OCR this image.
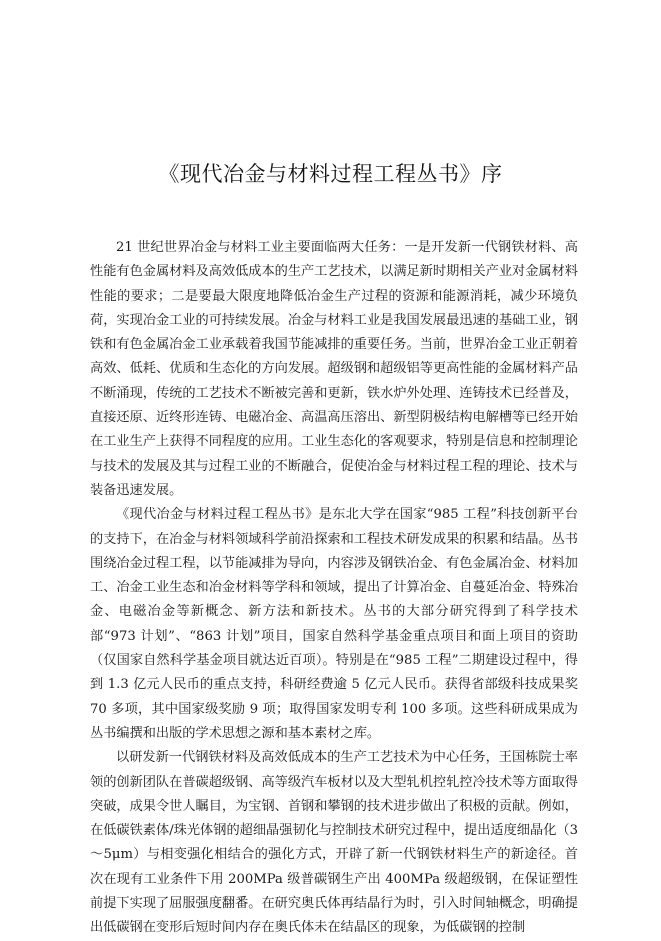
《现代冶金与材料过程工程丛书》序

21 世纪世界冶金与材料工业主要面临两大任务：一是开发新一代钢铁材料、高性能有色金属材料及高效低成本的生产工艺技术，以满足新时期相关产业对金属材料性能的要求；二是要最大限度地降低冶金生产过程的资源和能源消耗，减少环境负荷，实现冶金工业的可持续发展。冶金与材料工业是我国发展最迅速的基础工业，钢铁和有色金属冶金工业承载着我国节能减排的重要任务。当前，世界冶金工业正朝着高效、低耗、优质和生态化的方向发展。超级钢和超级铝等更高性能的金属材料产品不断涌现，传统的工艺技术不断被完善和更新，铁水炉外处理、连铸技术已经普及，直接还原、近终形连铸、电磁冶金、高温高压溶出、新型阴极结构电解槽等已经开始在工业生产上获得不同程度的应用。工业生态化的客观要求，特别是信息和控制理论与技术的发展及其与过程工业的不断融合，促使冶金与材料过程工程的理论、技术与装备迅速发展。

《现代冶金与材料过程工程丛书》是东北大学在国家“985 工程”科技创新平台的支持下，在冶金与材料领域科学前沿探索和工程技术研发成果的积累和结晶。丛书围绕冶金过程工程，以节能减排为导向，内容涉及钢铁冶金、有色金属冶金、材料加工、冶金工业生态和冶金材料等学科和领域，提出了计算冶金、自蔓延冶金、特殊冶金、电磁冶金等新概念、新方法和新技术。丛书的大部分研究得到了科学技术部“973 计划”、“863 计划”项目，国家自然科学基金重点项目和面上项目的资助（仅国家自然科学基金项目就达近百项）。特别是在“985 工程”二期建设过程中，得到 1.3 亿元人民币的重点支持，科研经费逾 5 亿元人民币。获得省部级科技成果奖 70 多项，其中国家级奖励 9 项；取得国家发明专利 100 多项。这些科研成果成为丛书编撰和出版的学术思想之源和基本素材之库。

以研发新一代钢铁材料及高效低成本的生产工艺技术为中心任务，王国栋院士率领的创新团队在普碳超级钢、高等级汽车板材以及大型轧机控轧控冷技术等方面取得突破，成果令世人瞩目，为宝钢、首钢和攀钢的技术进步做出了积极的贡献。例如，在低碳铁素体/珠光体钢的超细晶强韧化与控制技术研究过程中，提出适度细晶化（3～5μm）与相变强化相结合的强化方式，开辟了新一代钢铁材料生产的新途径。首次在现有工业条件下用 200MPa 级普碳钢生产出 400MPa 级超级钢，在保证塑性前提下实现了屈服强度翻番。在研究奥氏体再结晶行为时，引入时间轴概念，明确提出低碳钢在变形后短时间内存在奥氏体未在结晶区的现象，为低碳钢的控制
